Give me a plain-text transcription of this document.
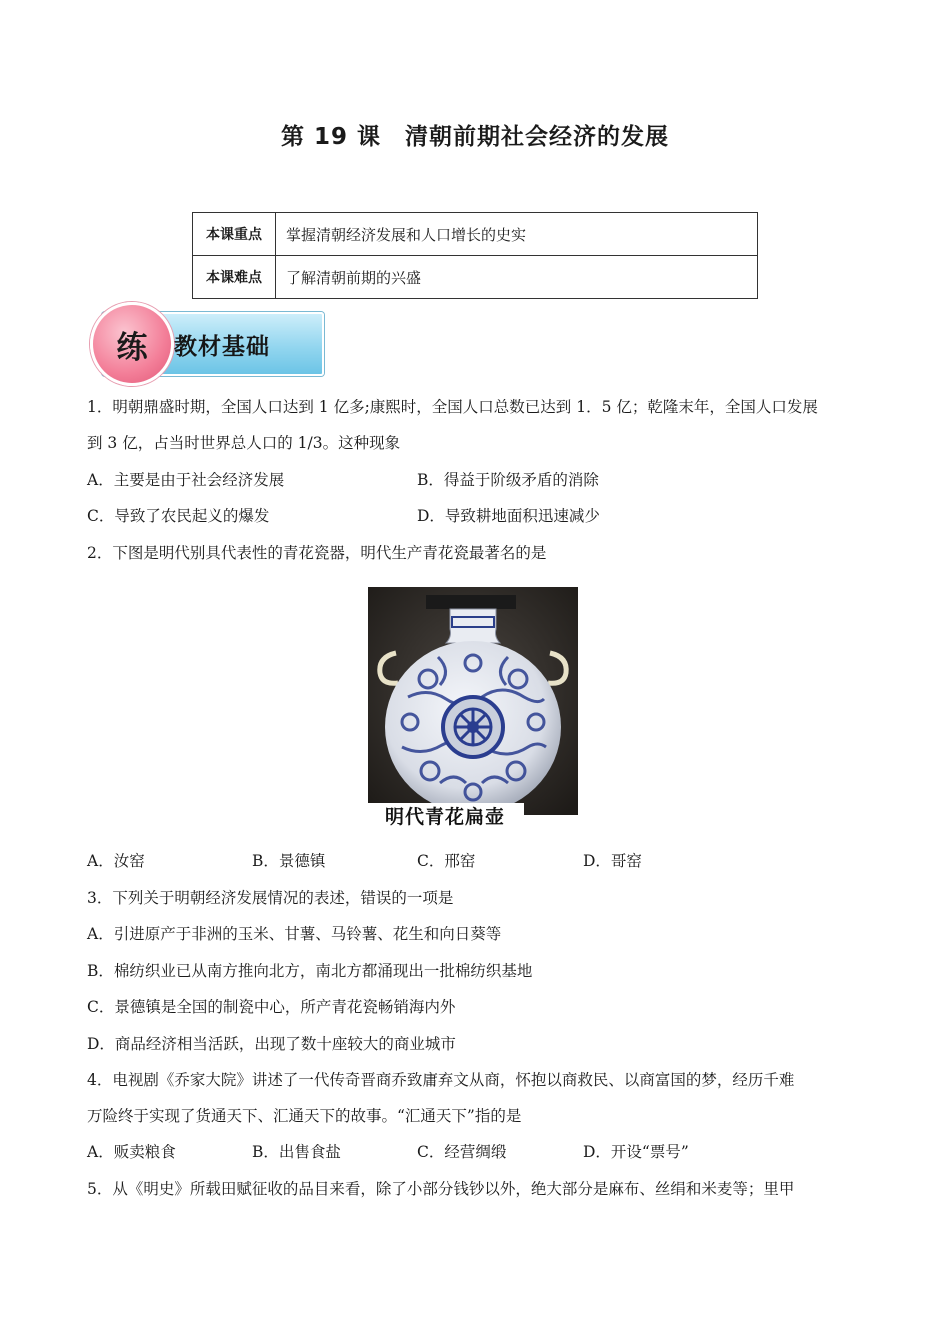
第 19 课　清朝前期社会经济的发展
本课重点	掌握清朝经济发展和人口增长的史实
本课难点	了解清朝前期的兴盛
练	教材基础
1．明朝鼎盛时期，全国人口达到 1 亿多;康熙时，全国人口总数已达到 1．5 亿；乾隆末年，全国人口发展
到 3 亿，占当时世界总人口的 1/3。这种现象
A．主要是由于社会经济发展	B．得益于阶级矛盾的消除
C．导致了农民起义的爆发	D．导致耕地面积迅速减少
2．下图是明代别具代表性的青花瓷器，明代生产青花瓷最著名的是
明代青花扁壶
A．汝窑	B．景德镇	C．邢窑	D．哥窑
3．下列关于明朝经济发展情况的表述，错误的一项是
A．引进原产于非洲的玉米、甘薯、马铃薯、花生和向日葵等
B．棉纺织业已从南方推向北方，南北方都涌现出一批棉纺织基地
C．景德镇是全国的制瓷中心，所产青花瓷畅销海内外
D．商品经济相当活跃，出现了数十座较大的商业城市
4．电视剧《乔家大院》讲述了一代传奇晋商乔致庸弃文从商，怀抱以商救民、以商富国的梦，经历千难
万险终于实现了货通天下、汇通天下的故事。“汇通天下”指的是
A．贩卖粮食	B．出售食盐	C．经营绸缎	D．开设“票号”
5．从《明史》所载田赋征收的品目来看，除了小部分钱钞以外，绝大部分是麻布、丝绢和米麦等；里甲
